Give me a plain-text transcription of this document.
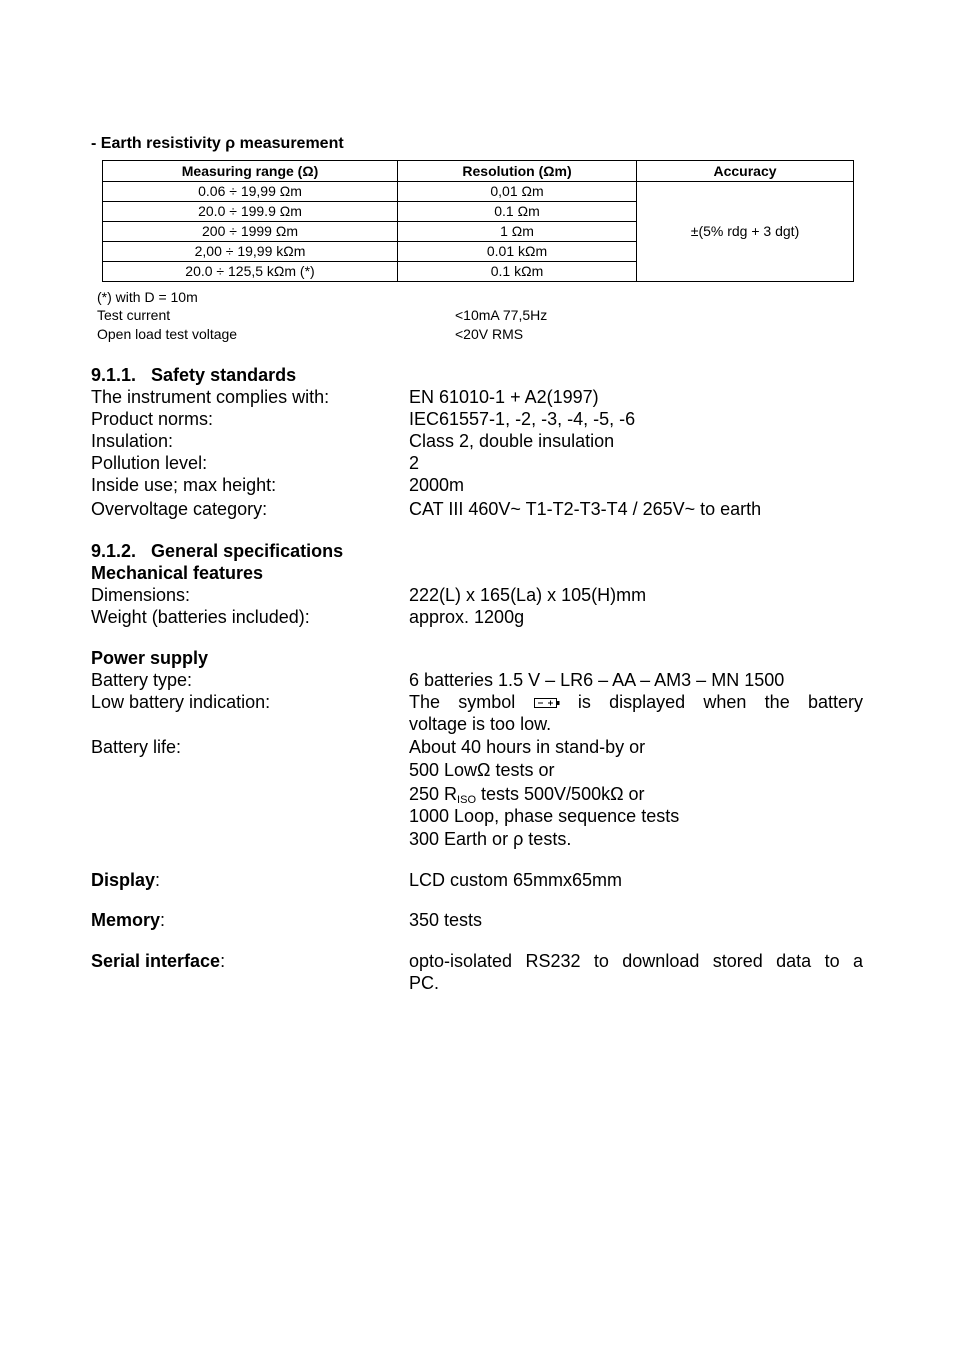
- Earth resistivity ρ measurement
Measuring range (Ω)	Resolution (Ωm)	Accuracy
0.06 ÷ 19,99 Ωm	0,01 Ωm	±(5% rdg + 3 dgt)
20.0 ÷ 199.9 Ωm	0.1 Ωm	
200 ÷ 1999 Ωm	1 Ωm	
2,00 ÷ 19,99 kΩm	0.01 kΩm	
20.0 ÷ 125,5 kΩm (*)	0.1 kΩm	
(*) with D = 10m
Test current	<10mA 77,5Hz
Open load test voltage	<20V RMS
9.1.1.   Safety standards
The instrument complies with:	EN 61010-1 + A2(1997)
Product norms:	IEC61557-1, -2, -3, -4, -5, -6
Insulation:	Class 2, double insulation
Pollution level:	2
Inside use; max height:	2000m
Overvoltage category:	CAT III 460V~ T1-T2-T3-T4 / 265V~ to earth
9.1.2.   General specifications
Mechanical features
Dimensions:	222(L) x 165(La) x 105(H)mm
Weight (batteries included):	approx. 1200g
Power supply
Battery type:	6 batteries 1.5 V – LR6 – AA – AM3 – MN 1500
Low battery indication:	The symbol	is displayed when the battery
voltage is too low.
Battery life:	About 40 hours in stand-by or
500 LowΩ tests or
250 $R_{ISO}$ tests 500V/500kΩ or
1000 Loop, phase sequence tests
300 Earth or ρ tests.
Display:	LCD custom 65mmx65mm
Memory:	350 tests
Serial interface:	opto-isolated RS232 to download stored data to a
PC.
